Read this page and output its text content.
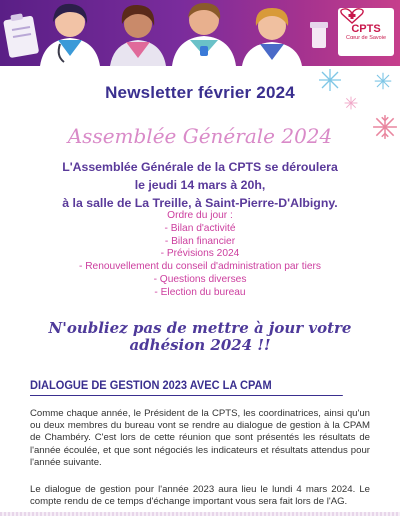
CPTS
Cœur de Savoie
Newsletter février 2024
Assemblée Générale 2024
L'Assemblée Générale de la CPTS se déroulera
le jeudi 14 mars à 20h,
à la salle de La Treille, à Saint-Pierre-D'Albigny.
Ordre du jour :
- Bilan d'activité
- Bilan financier
- Prévisions 2024
- Renouvellement du conseil d'administration par tiers
- Questions diverses
- Election du bureau
N'oubliez pas de mettre à jour votre
adhésion 2024 !!
DIALOGUE DE GESTION 2023 AVEC LA CPAM
Comme chaque année, le Président de la CPTS, les coordinatrices, ainsi qu'un ou deux membres du bureau vont se rendre au dialogue de gestion à la CPAM de Chambéry. C'est lors de cette réunion que sont présentés les résultats de l'année écoulée, et que sont négociés les indicateurs et résultats attendus pour l'année suivante.
Le dialogue de gestion pour l'année 2023 aura lieu le lundi 4 mars 2024. Le compte rendu de ce temps d'échange important vous sera fait lors de l'AG.
